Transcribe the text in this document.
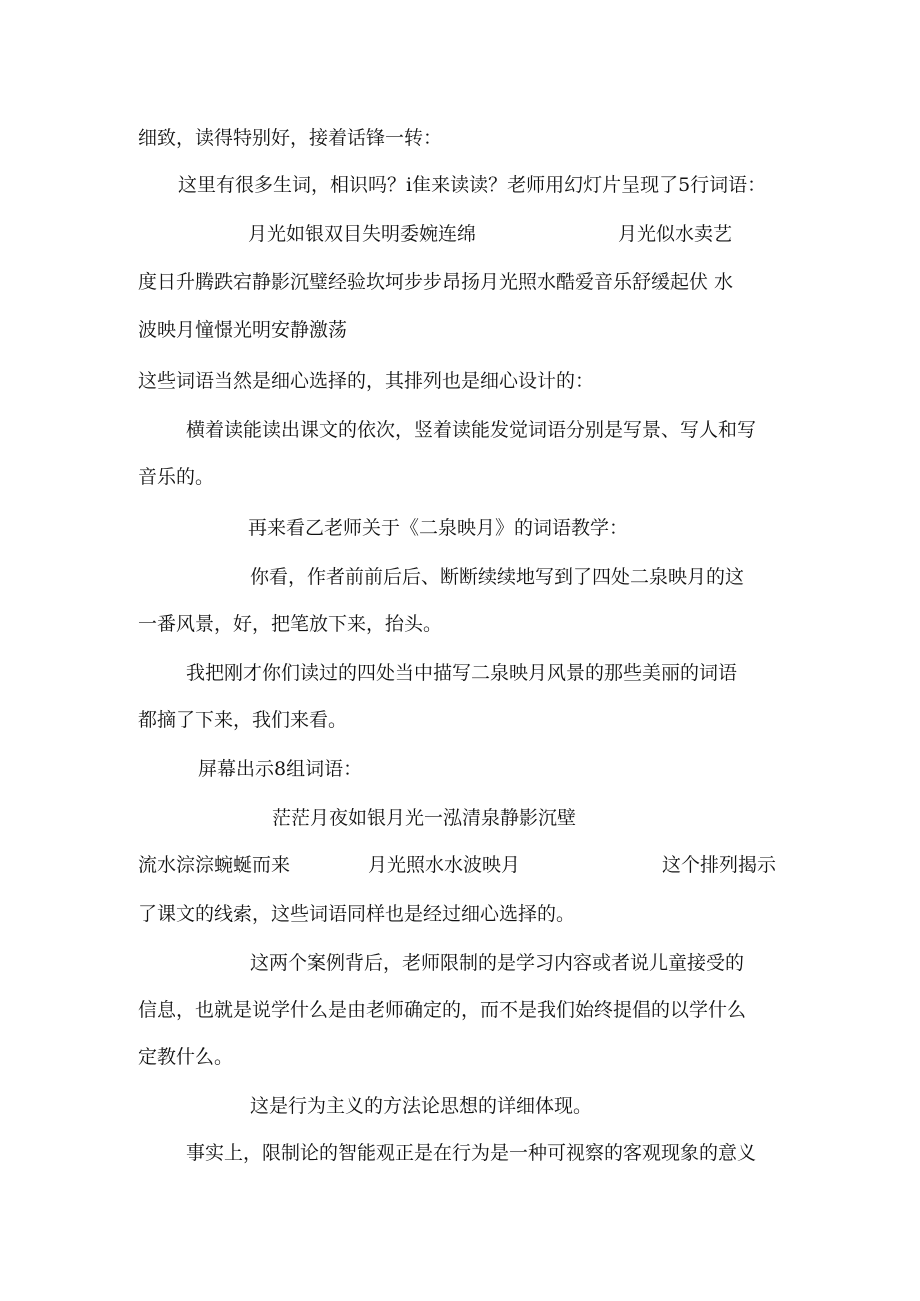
细致，读得特别好，接着话锋一转：

这里有很多生词，相识吗？i隹来读读？老师用幻灯片呈现了5行词语：

月光如银双目失明委婉连绵	月光似水卖艺

度日升腾跌宕静影沉璧经验坎坷步步昂扬月光照水酷爱音乐舒缓起伏 水

波映月憧憬光明安静激荡

这些词语当然是细心选择的，其排列也是细心设计的：

横着读能读出课文的依次，竖着读能发觉词语分别是写景、写人和写

音乐的。

再来看乙老师关于《二泉映月》的词语教学：

你看，作者前前后后、断断续续地写到了四处二泉映月的这

一番风景，好，把笔放下来，抬头。

我把刚才你们读过的四处当中描写二泉映月风景的那些美丽的词语

都摘了下来，我们来看。

屏幕出示8组词语：

茫茫月夜如银月光一泓清泉静影沉壁

流水淙淙蜿蜒而来	月光照水水波映月	这个排列揭示

了课文的线索，这些词语同样也是经过细心选择的。

这两个案例背后，老师限制的是学习内容或者说儿童接受的

信息，也就是说学什么是由老师确定的，而不是我们始终提倡的以学什么

定教什么。

这是行为主义的方法论思想的详细体现。

事实上，限制论的智能观正是在行为是一种可视察的客观现象的意义
